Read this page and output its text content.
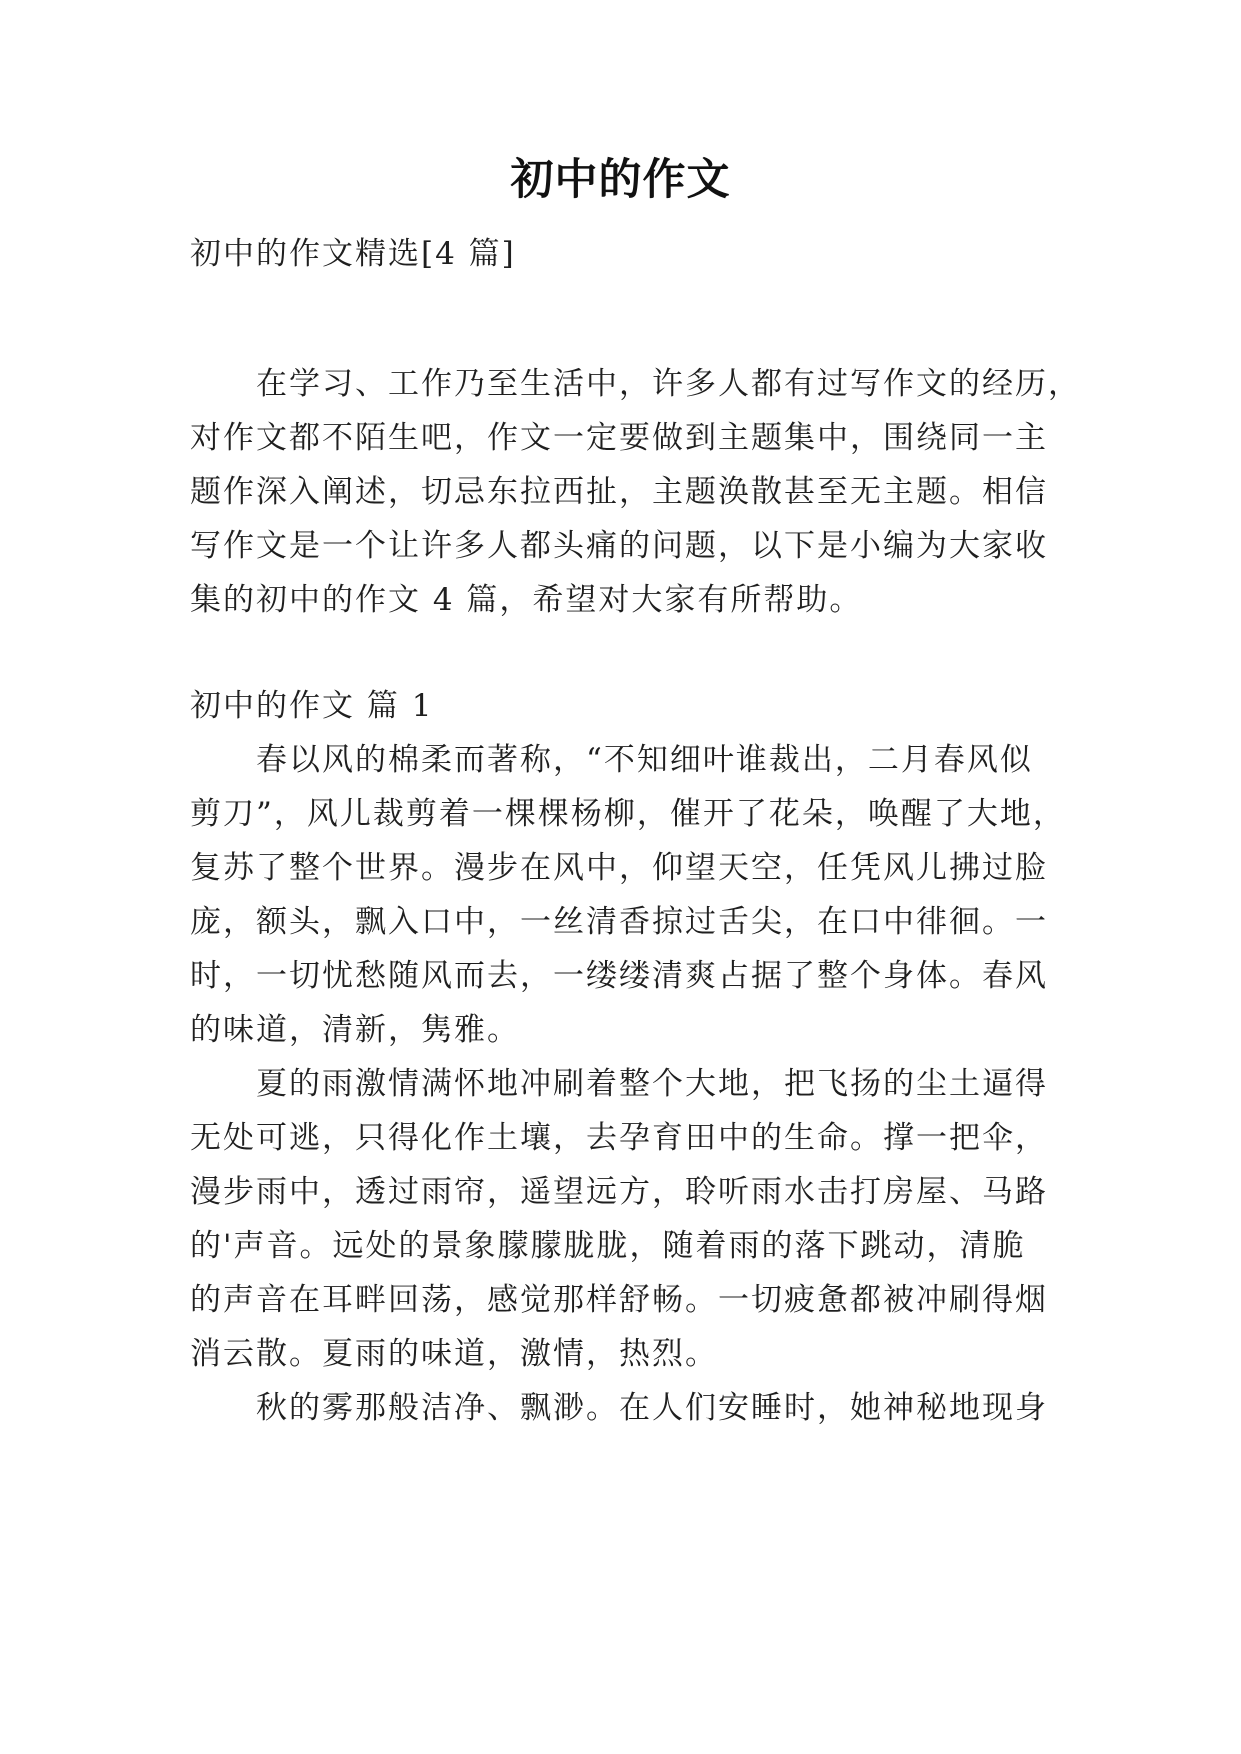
初中的作文
初中的作文精选[4 篇]
在学习、工作乃至生活中，许多人都有过写作文的经历，
对作文都不陌生吧，作文一定要做到主题集中，围绕同一主
题作深入阐述，切忌东拉西扯，主题涣散甚至无主题。相信
写作文是一个让许多人都头痛的问题，以下是小编为大家收
集的初中的作文 4 篇，希望对大家有所帮助。
初中的作文 篇 1
春以风的棉柔而著称，“不知细叶谁裁出，二月春风似
剪刀”，风儿裁剪着一棵棵杨柳，催开了花朵，唤醒了大地，
复苏了整个世界。漫步在风中，仰望天空，任凭风儿拂过脸
庞，额头，飘入口中，一丝清香掠过舌尖，在口中徘徊。一
时，一切忧愁随风而去，一缕缕清爽占据了整个身体。春风
的味道，清新，隽雅。
夏的雨激情满怀地冲刷着整个大地，把飞扬的尘土逼得
无处可逃，只得化作土壤，去孕育田中的生命。撑一把伞，
漫步雨中，透过雨帘，遥望远方，聆听雨水击打房屋、马路
的'声音。远处的景象朦朦胧胧，随着雨的落下跳动，清脆
的声音在耳畔回荡，感觉那样舒畅。一切疲惫都被冲刷得烟
消云散。夏雨的味道，激情，热烈。
秋的雾那般洁净、飘渺。在人们安睡时，她神秘地现身
